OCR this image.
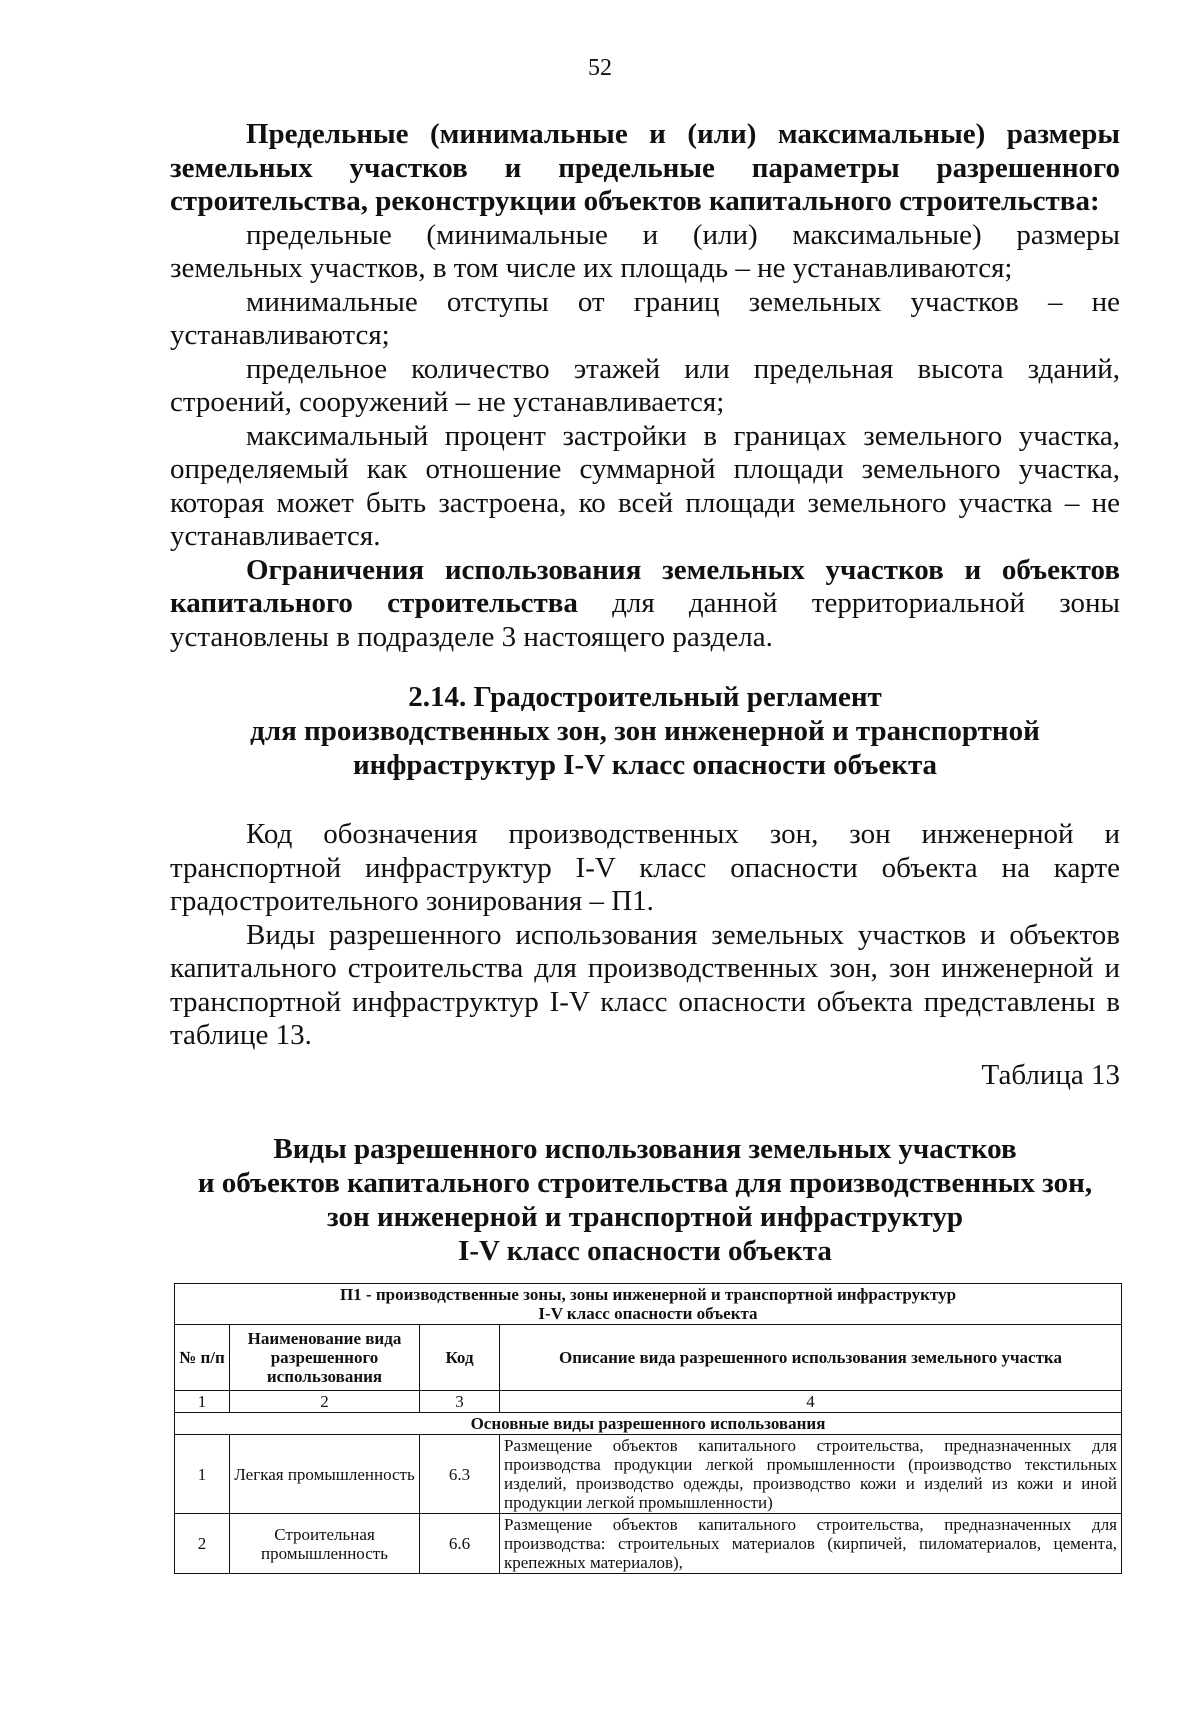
52

Предельные (минимальные и (или) максимальные) размеры земельных участков и предельные параметры разрешенного строительства, реконструкции объектов капитального строительства:

предельные (минимальные и (или) максимальные) размеры земельных участков, в том числе их площадь – не устанавливаются;

минимальные отступы от границ земельных участков – не устанавливаются;

предельное количество этажей или предельная высота зданий, строений, сооружений – не устанавливается;

максимальный процент застройки в границах земельного участка, определяемый как отношение суммарной площади земельного участка, которая может быть застроена, ко всей площади земельного участка – не устанавливается.

Ограничения использования земельных участков и объектов капитального строительства для данной территориальной зоны установлены в подразделе 3 настоящего раздела.

2.14. Градостроительный регламент
для производственных зон, зон инженерной и транспортной
инфраструктур I-V класс опасности объекта

Код обозначения производственных зон, зон инженерной и транспортной инфраструктур I-V класс опасности объекта на карте градостроительного зонирования – П1.

Виды разрешенного использования земельных участков и объектов капитального строительства для производственных зон, зон инженерной и транспортной инфраструктур I-V класс опасности объекта представлены в таблице 13.

Таблица 13

Виды разрешенного использования земельных участков
и объектов капитального строительства для производственных зон,
зон инженерной и транспортной инфраструктур
I-V класс опасности объекта
П1 - производственные зоны, зоны инженерной и транспортной инфраструктур
I-V класс опасности объекта			

№ п/п	Наименование вида разрешенного использования	Код	Описание вида разрешенного использования земельного участка
1	2	3	4
Основные виды разрешенного использования			
1	Легкая промышленность	6.3	Размещение объектов капитального строительства, предназначенных для производства продукции легкой промышленности (производство текстильных изделий, производство одежды, производство кожи и изделий из кожи и иной продукции легкой промышленности)
2	Строительная промышленность	6.6	Размещение объектов капитального строительства, предназначенных для производства: строительных материалов (кирпичей, пиломатериалов, цемента, крепежных материалов),
